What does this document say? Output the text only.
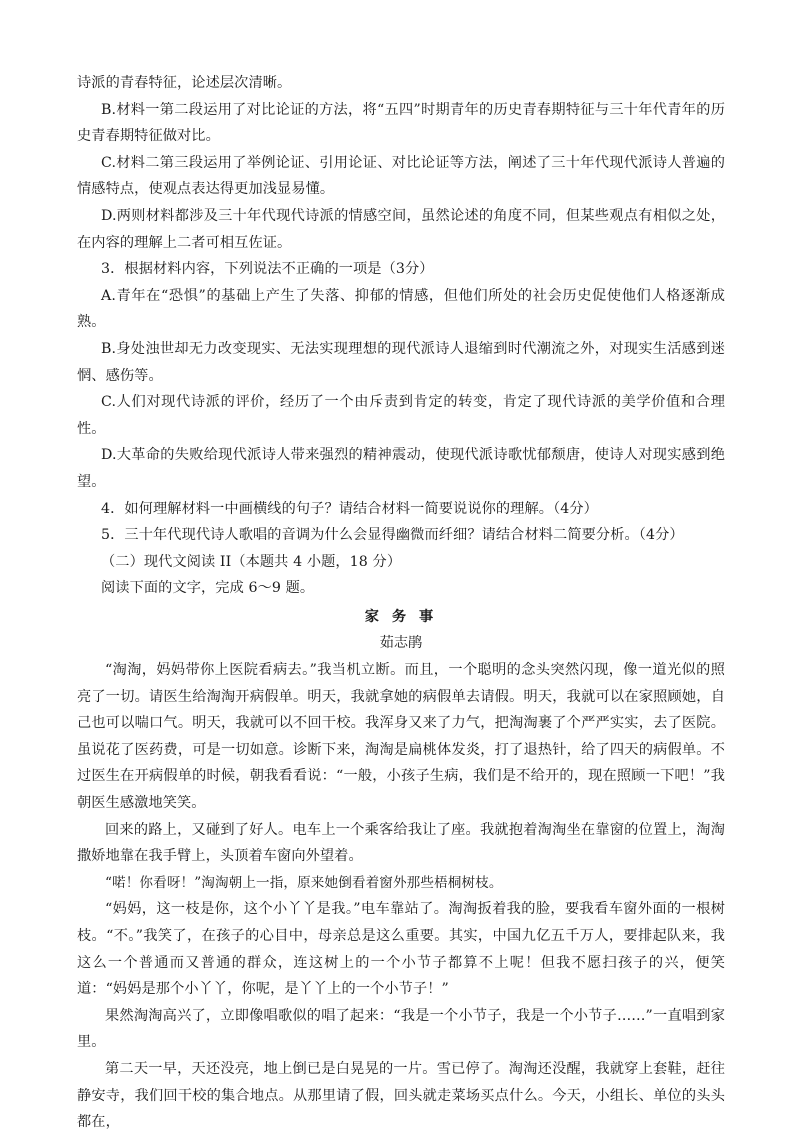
诗派的青春特征，论述层次清晰。

B.材料一第二段运用了对比论证的方法，将“五四”时期青年的历史青春期特征与三十年代青年的历史青春期特征做对比。

C.材料二第三段运用了举例论证、引用论证、对比论证等方法，阐述了三十年代现代派诗人普遍的情感特点，使观点表达得更加浅显易懂。

D.两则材料都涉及三十年代现代诗派的情感空间，虽然论述的角度不同，但某些观点有相似之处，在内容的理解上二者可相互佐证。

3．根据材料内容，下列说法不正确的一项是（3分）

A.青年在“恐惧”的基础上产生了失落、抑郁的情感，但他们所处的社会历史促使他们人格逐渐成熟。

B.身处浊世却无力改变现实、无法实现理想的现代派诗人退缩到时代潮流之外，对现实生活感到迷惘、感伤等。

C.人们对现代诗派的评价，经历了一个由斥责到肯定的转变，肯定了现代诗派的美学价值和合理性。

D.大革命的失败给现代派诗人带来强烈的精神震动，使现代派诗歌忧郁颓唐，使诗人对现实感到绝望。

4．如何理解材料一中画横线的句子？请结合材料一简要说说你的理解。（4分）

5．三十年代现代诗人歌唱的音调为什么会显得幽微而纤细？请结合材料二简要分析。（4分）

（二）现代文阅读 II（本题共 4 小题，18 分）

阅读下面的文字，完成 6～9 题。

家 务 事

茹志鹃

“淘淘，妈妈带你上医院看病去。”我当机立断。而且，一个聪明的念头突然闪现，像一道光似的照亮了一切。请医生给淘淘开病假单。明天，我就拿她的病假单去请假。明天，我就可以在家照顾她，自己也可以喘口气。明天，我就可以不回干校。我浑身又来了力气，把淘淘裹了个严严实实，去了医院。虽说花了医药费，可是一切如意。诊断下来，淘淘是扁桃体发炎，打了退热针，给了四天的病假单。不过医生在开病假单的时候，朝我看看说：“一般，小孩子生病，我们是不给开的，现在照顾一下吧！”我朝医生感激地笑笑。

回来的路上，又碰到了好人。电车上一个乘客给我让了座。我就抱着淘淘坐在靠窗的位置上，淘淘撒娇地靠在我手臂上，头顶着车窗向外望着。

“喏！你看呀！”淘淘朝上一指，原来她倒看着窗外那些梧桐树枝。

“妈妈，这一枝是你，这个小丫丫是我。”电车靠站了。淘淘扳着我的脸，要我看车窗外面的一根树枝。“不。”我笑了，在孩子的心目中，母亲总是这么重要。其实，中国九亿五千万人，要排起队来，我这么一个普通而又普通的群众，连这树上的一个小节子都算不上呢！但我不愿扫孩子的兴，便笑道：“妈妈是那个小丫丫，你呢，是丫丫上的一个小节子！”

果然淘淘高兴了，立即像唱歌似的唱了起来：“我是一个小节子，我是一个小节子……”一直唱到家里。

第二天一早，天还没亮，地上倒已是白晃晃的一片。雪已停了。淘淘还没醒，我就穿上套鞋，赶往静安寺，我们回干校的集合地点。从那里请了假，回头就走菜场买点什么。今天，小组长、单位的头头都在，
